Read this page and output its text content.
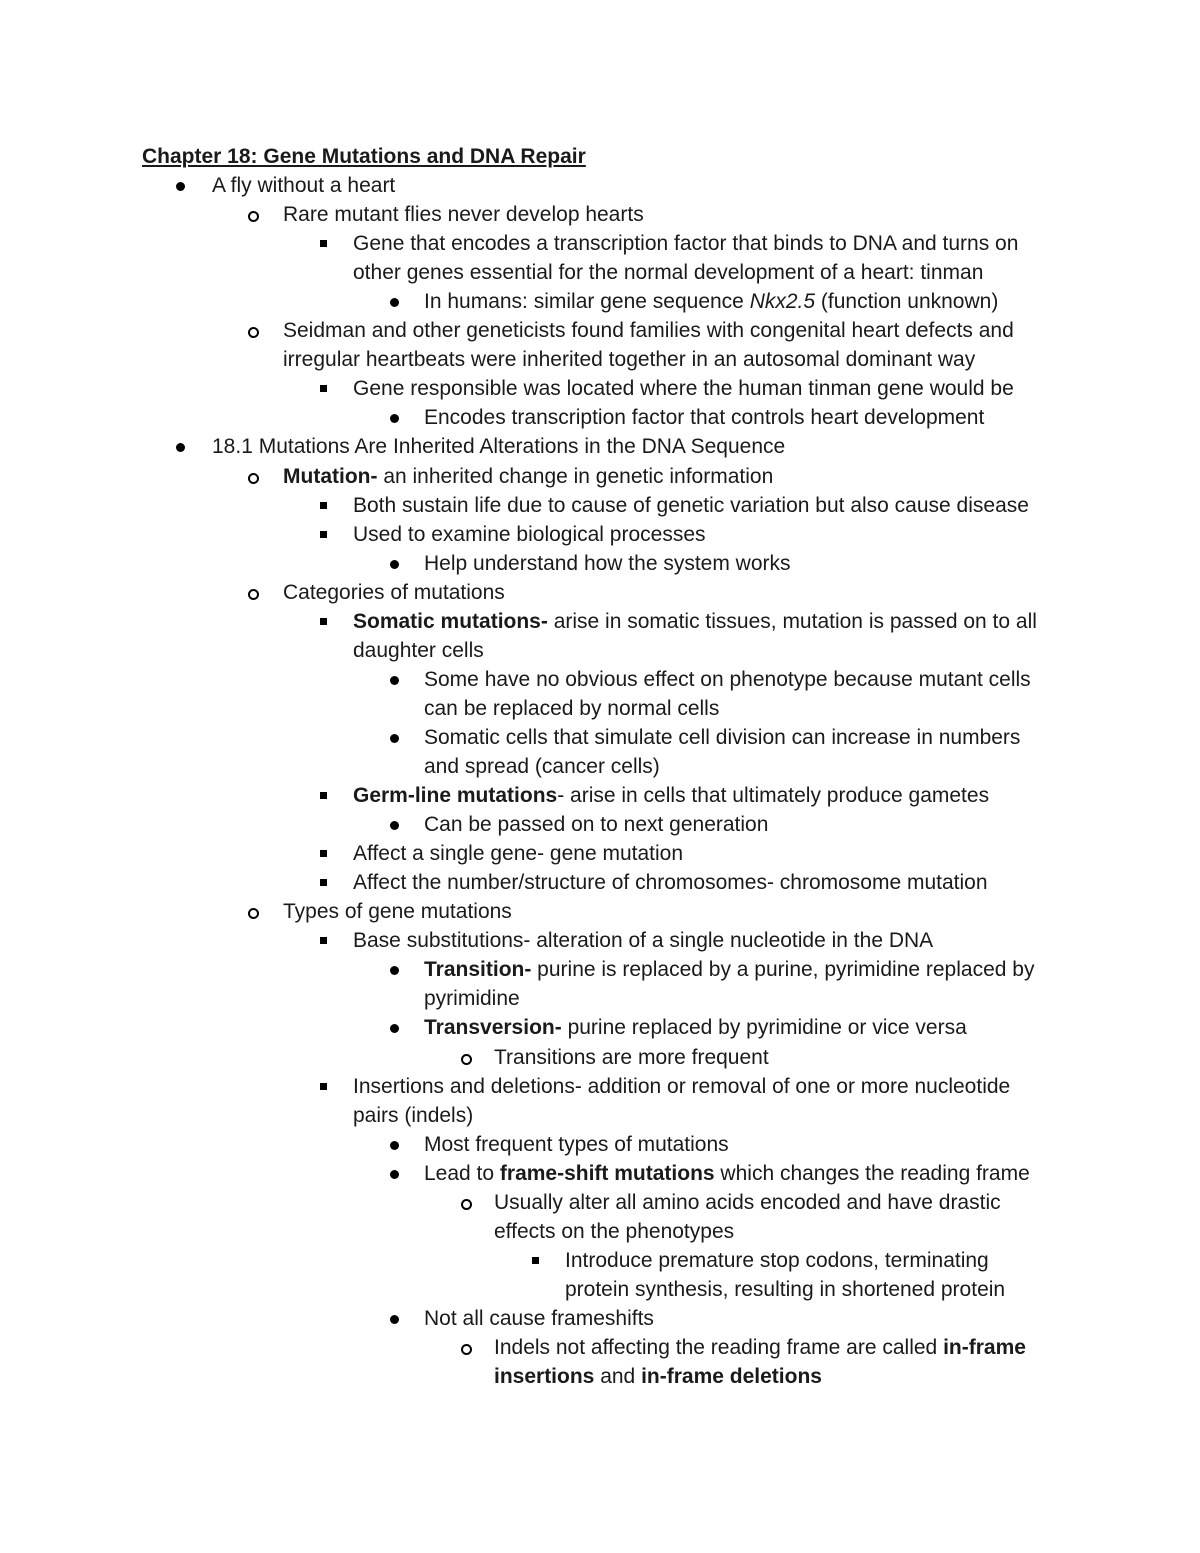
Chapter 18: Gene Mutations and DNA Repair
A fly without a heart
Rare mutant flies never develop hearts
Gene that encodes a transcription factor that binds to DNA and turns on
other genes essential for the normal development of a heart: tinman
In humans: similar gene sequence Nkx2.5 (function unknown)
Seidman and other geneticists found families with congenital heart defects and
irregular heartbeats were inherited together in an autosomal dominant way
Gene responsible was located where the human tinman gene would be
Encodes transcription factor that controls heart development
18.1 Mutations Are Inherited Alterations in the DNA Sequence
Mutation- an inherited change in genetic information
Both sustain life due to cause of genetic variation but also cause disease
Used to examine biological processes
Help understand how the system works
Categories of mutations
Somatic mutations- arise in somatic tissues, mutation is passed on to all
daughter cells
Some have no obvious effect on phenotype because mutant cells
can be replaced by normal cells
Somatic cells that simulate cell division can increase in numbers
and spread (cancer cells)
Germ-line mutations- arise in cells that ultimately produce gametes
Can be passed on to next generation
Affect a single gene- gene mutation
Affect the number/structure of chromosomes- chromosome mutation
Types of gene mutations
Base substitutions- alteration of a single nucleotide in the DNA
Transition- purine is replaced by a purine, pyrimidine replaced by
pyrimidine
Transversion- purine replaced by pyrimidine or vice versa
Transitions are more frequent
Insertions and deletions- addition or removal of one or more nucleotide
pairs (indels)
Most frequent types of mutations
Lead to frame-shift mutations which changes the reading frame
Usually alter all amino acids encoded and have drastic
effects on the phenotypes
Introduce premature stop codons, terminating
protein synthesis, resulting in shortened protein
Not all cause frameshifts
Indels not affecting the reading frame are called in-frame
insertions and in-frame deletions
